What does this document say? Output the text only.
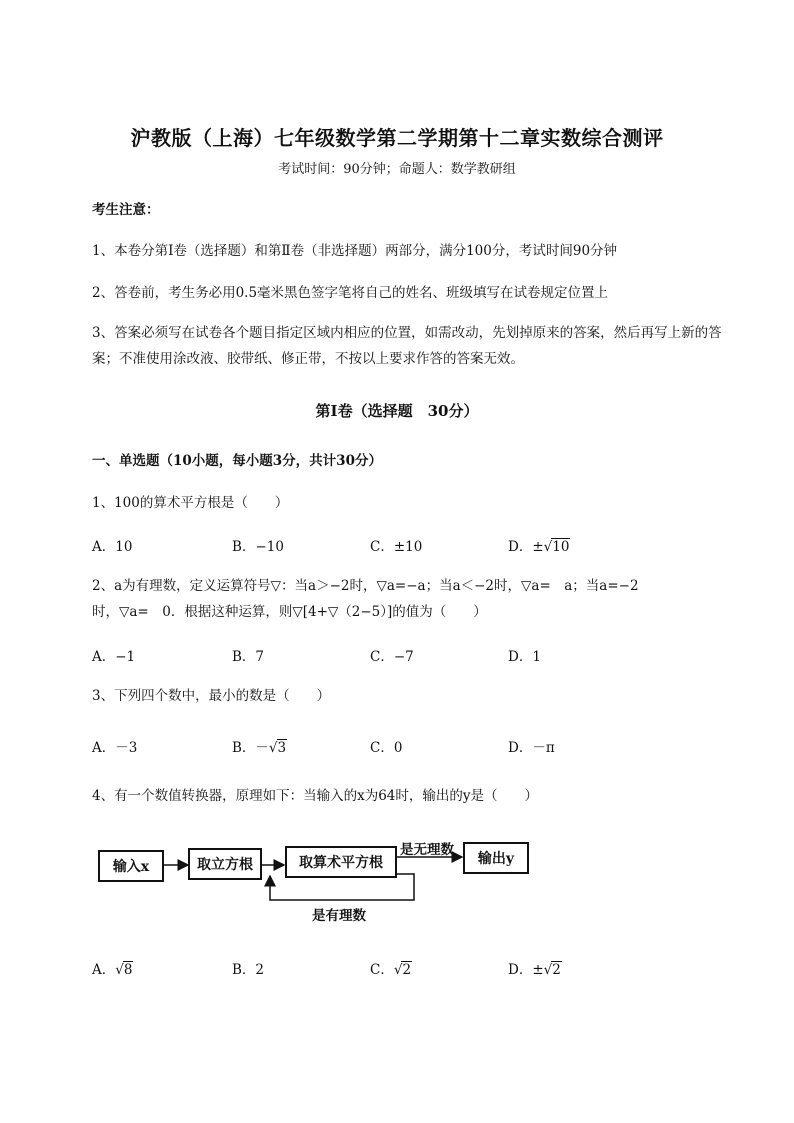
沪教版（上海）七年级数学第二学期第十二章实数综合测评
考试时间：90分钟；命题人：数学教研组
考生注意：
1、本卷分第I卷（选择题）和第Ⅱ卷（非选择题）两部分，满分100分，考试时间90分钟
2、答卷前，考生务必用0.5毫米黑色签字笔将自己的姓名、班级填写在试卷规定位置上
3、答案必须写在试卷各个题目指定区域内相应的位置，如需改动，先划掉原来的答案，然后再写上新的答案；不准使用涂改液、胶带纸、修正带，不按以上要求作答的答案无效。
第I卷（选择题　30分）
一、单选题（10小题，每小题3分，共计30分）
1、100的算术平方根是（　　）
A．10	B．−10	C．±10	D．±√10
2、a为有理数，定义运算符号▽：当a＞−2时，▽a=−a；当a＜−2时，▽a=　a；当a=−2
时，▽a=　0．根据这种运算，则▽[4+▽（2−5）]的值为（　　）
A．−1	B．7	C．−7	D．1
3、下列四个数中，最小的数是（　　）
A．－3	B．－√3	C．0	D．－π
4、有一个数值转换器，原理如下：当输入的x为64时，输出的y是（　　）
输入x	取立方根	取算术平方根
是无理数
输出y
是有理数
A．√8	B．2	C．√2	D．±√2
